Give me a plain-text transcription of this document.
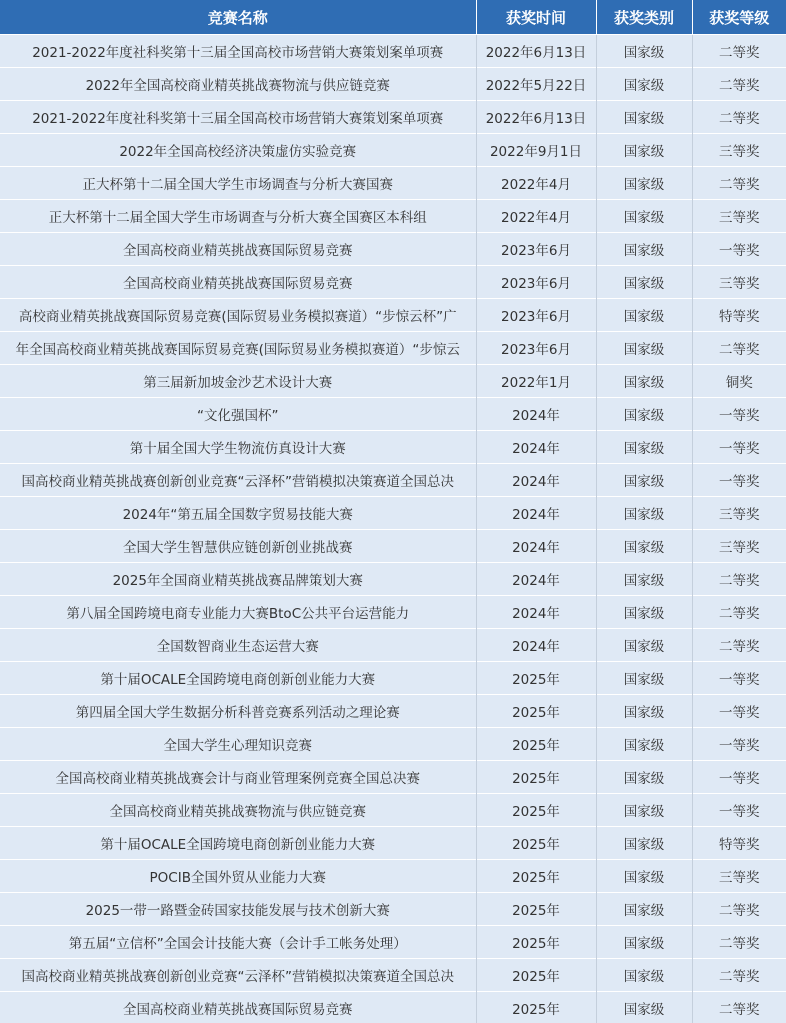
竞赛名称	获奖时间	获奖类别	获奖等级
2021-2022年度社科奖第十三届全国高校市场营销大赛策划案单项赛	2022年6月13日	国家级	二等奖
2022年全国高校商业精英挑战赛物流与供应链竞赛	2022年5月22日	国家级	二等奖
2021-2022年度社科奖第十三届全国高校市场营销大赛策划案单项赛	2022年6月13日	国家级	二等奖
2022年全国高校经济决策虚仿实验竞赛	2022年9月1日	国家级	三等奖
正大杯第十二届全国大学生市场调查与分析大赛国赛	2022年4月	国家级	二等奖
正大杯第十二届全国大学生市场调查与分析大赛全国赛区本科组	2022年4月	国家级	三等奖
全国高校商业精英挑战赛国际贸易竞赛	2023年6月	国家级	一等奖
全国高校商业精英挑战赛国际贸易竞赛	2023年6月	国家级	三等奖
高校商业精英挑战赛国际贸易竞赛(国际贸易业务模拟赛道）“步惊云杯”⼴	2023年6月	国家级	特等奖
年全国高校商业精英挑战赛国际贸易竞赛(国际贸易业务模拟赛道）“步惊云	2023年6月	国家级	二等奖
第三届新加坡金沙艺术设计大赛	2022年1月	国家级	铜奖
“文化强国杯”	2024年	国家级	一等奖
第十届全国大学生物流仿真设计大赛	2024年	国家级	一等奖
国高校商业精英挑战赛创新创业竞赛“云泽杯”营销模拟决策赛道全国总决	2024年	国家级	一等奖
2024年“第五届全国数字贸易技能大赛	2024年	国家级	三等奖
全国大学生智慧供应链创新创业挑战赛	2024年	国家级	三等奖
2025年全国商业精英挑战赛品牌策划大赛	2024年	国家级	二等奖
第八届全国跨境电商专业能力大赛BtoC公共平台运营能力	2024年	国家级	二等奖
全国数智商业生态运营大赛	2024年	国家级	二等奖
第十届OCALE全国跨境电商创新创业能力大赛	2025年	国家级	一等奖
第四届全国大学生数据分析科普竞赛系列活动之理论赛	2025年	国家级	一等奖
全国大学生心理知识竞赛	2025年	国家级	一等奖
全国高校商业精英挑战赛会计与商业管理案例竞赛全国总决赛	2025年	国家级	一等奖
全国高校商业精英挑战赛物流与供应链竞赛	2025年	国家级	一等奖
第十届OCALE全国跨境电商创新创业能力大赛	2025年	国家级	特等奖
POCIB全国外贸从业能力大赛	2025年	国家级	三等奖
2025一带一路暨金砖国家技能发展与技术创新大赛	2025年	国家级	二等奖
第五届“立信杯”全国会计技能大赛（会计手工帐务处理）	2025年	国家级	二等奖
国高校商业精英挑战赛创新创业竞赛“云泽杯”营销模拟决策赛道全国总决	2025年	国家级	二等奖
全国高校商业精英挑战赛国际贸易竞赛	2025年	国家级	二等奖
